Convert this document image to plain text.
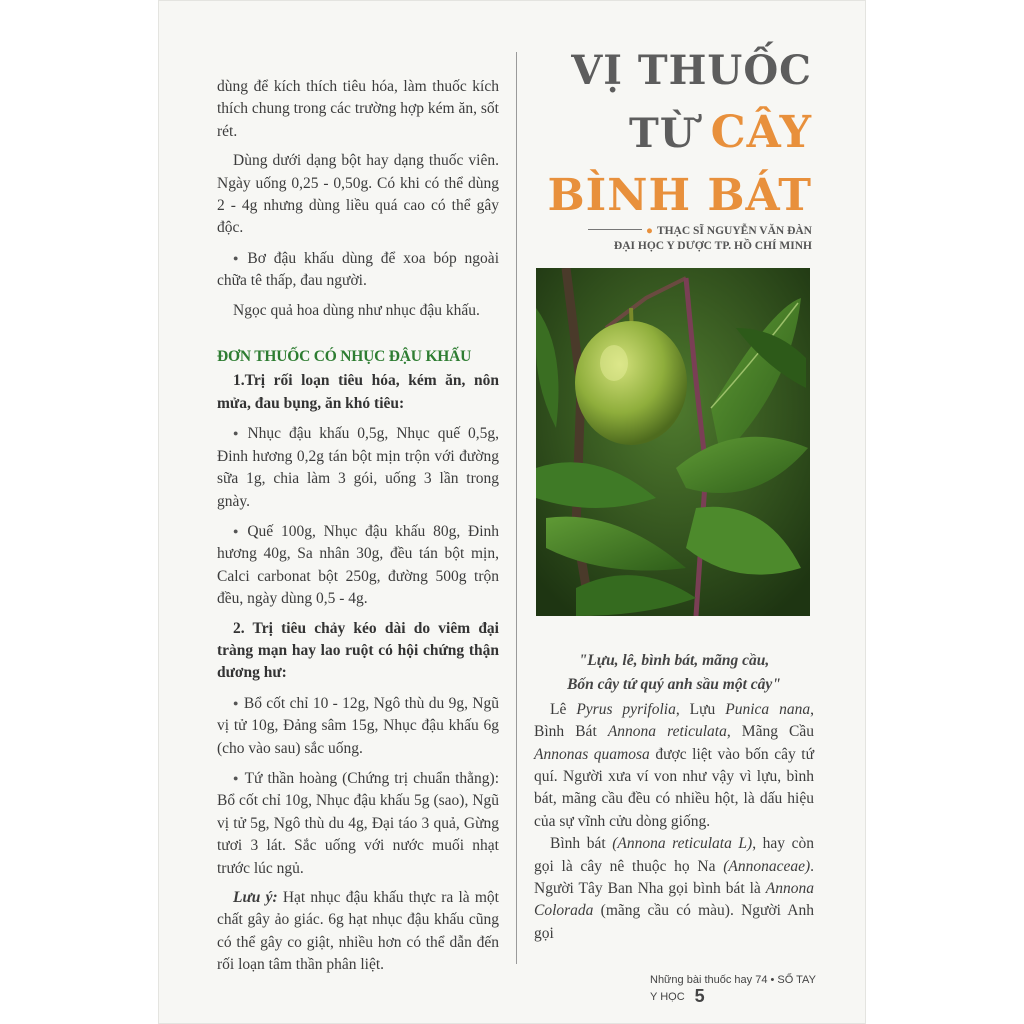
dùng để kích thích tiêu hóa, làm thuốc kích thích chung trong các trường hợp kém ăn, sốt rét.

Dùng dưới dạng bột hay dạng thuốc viên. Ngày uống 0,25 - 0,50g. Có khi có thể dùng 2 - 4g nhưng dùng liều quá cao có thể gây độc.

● Bơ đậu khấu dùng để xoa bóp ngoài chữa tê thấp, đau người.

Ngọc quả hoa dùng như nhục đậu khấu.

ĐƠN THUỐC CÓ NHỤC ĐẬU KHẤU

1.Trị rối loạn tiêu hóa, kém ăn, nôn mửa, đau bụng, ăn khó tiêu:

● Nhục đậu khấu 0,5g, Nhục quế 0,5g, Đinh hương 0,2g tán bột mịn trộn với đường sữa 1g, chia làm 3 gói, uống 3 lần trong gnày.

● Quế 100g, Nhục đậu khấu 80g, Đinh hương 40g, Sa nhân 30g, đều tán bột mịn, Calci carbonat bột 250g, đường 500g trộn đều, ngày dùng 0,5 - 4g.

2. Trị tiêu chảy kéo dài do viêm đại tràng mạn hay lao ruột có hội chứng thận dương hư:

● Bổ cốt chỉ 10 - 12g, Ngô thù du 9g, Ngũ vị tử 10g, Đảng sâm 15g, Nhục đậu khấu 6g (cho vào sau) sắc uống.

● Tứ thần hoàng (Chứng trị chuẩn thằng): Bổ cốt chỉ 10g, Nhục đậu khấu 5g (sao), Ngũ vị tử 5g, Ngô thù du 4g, Đại táo 3 quả, Gừng tươi 3 lát. Sắc uống với nước muối nhạt trước lúc ngủ.

Lưu ý: Hạt nhục đậu khấu thực ra là một chất gây ảo giác. 6g hạt nhục đậu khấu cũng có thể gây co giật, nhiều hơn có thể dẫn đến rối loạn tâm thần phân liệt.

VỊ THUỐC
TỪ CÂY
BÌNH BÁT
● THẠC SĨ NGUYỄN VĂN ĐÀN
ĐẠI HỌC Y DƯỢC TP. HỒ CHÍ MINH

"Lựu, lê, bình bát, mãng cầu,

Bốn cây tứ quý anh sầu một cây"

Lê Pyrus pyrifolia, Lựu Punica nana, Bình Bát Annona reticulata, Mãng Cầu Annonas quamosa được liệt vào bốn cây tứ quí. Người xưa ví von như vậy vì lựu, bình bát, mãng cầu đều có nhiều hột, là dấu hiệu của sự vĩnh cửu dòng giống.

Bình bát (Annona reticulata L), hay còn gọi là cây nê thuộc họ Na (Annonaceae). Người Tây Ban Nha gọi bình bát là Annona Colorada (mãng cầu có màu). Người Anh gọi

Những bài thuốc hay 74 • SỔ TAY Y HỌC 5
